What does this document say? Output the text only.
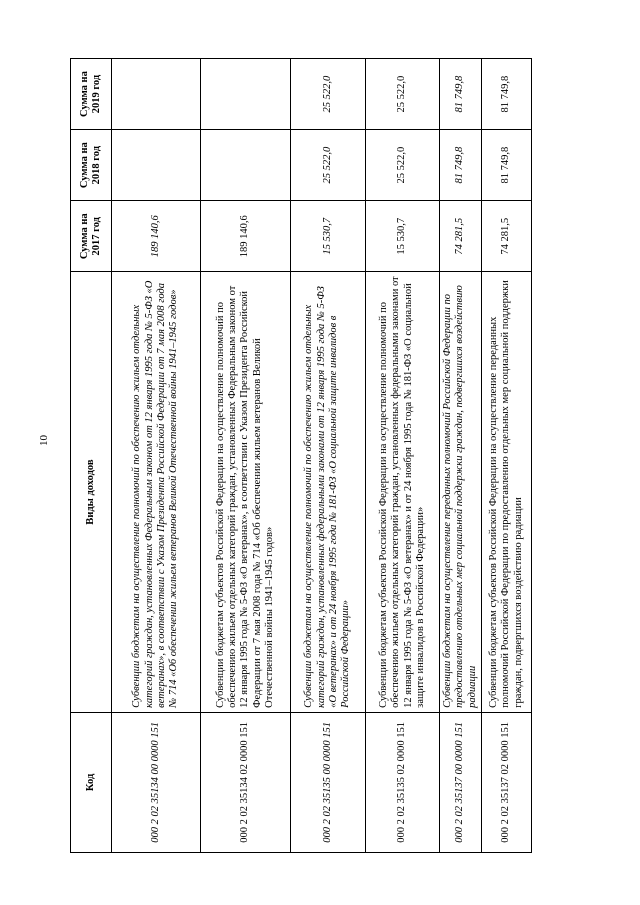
10
Код	Виды доходов	Сумма на 2017 год	Сумма на 2018 год	Сумма на 2019 год
000 2 02 35134 00 0000 151	Субвенции бюджетам на осуществление полномочий по обеспечению жильем отдельных категорий граждан, установленных Федеральным законом от 12 января 1995 года № 5-ФЗ «О ветеранах», в соответствии с Указом Президента Российской Федерации от 7 мая 2008 года № 714 «Об обеспечении жильем ветеранов Великой Отечественной войны 1941–1945 годов»	189 140,6		
000 2 02 35134 02 0000 151	Субвенции бюджетам субъектов Российской Федерации на осуществление полномочий по обеспечению жильем отдельных категорий граждан, установленных Федеральным законом от 12 января 1995 года № 5-ФЗ «О ветеранах», в соответствии с Указом Президента Российской Федерации от 7 мая 2008 года № 714 «Об обеспечении жильем ветеранов Великой Отечественной войны 1941–1945 годов»	189 140,6		
000 2 02 35135 00 0000 151	Субвенции бюджетам на осуществление полномочий по обеспечению жильем отдельных категорий граждан, установленных федеральными законами от 12 января 1995 года № 5-ФЗ «О ветеранах» и от 24 ноября 1995 года № 181-ФЗ «О социальной защите инвалидов в Российской Федерации»	15 530,7	25 522,0	25 522,0
000 2 02 35135 02 0000 151	Субвенции бюджетам субъектов Российской Федерации на осуществление полномочий по обеспечению жильем отдельных категорий граждан, установленных федеральными законами от 12 января 1995 года № 5-ФЗ «О ветеранах» и от 24 ноября 1995 года № 181-ФЗ «О социальной защите инвалидов в Российской Федерации»	15 530,7	25 522,0	25 522,0
000 2 02 35137 00 0000 151	Субвенции бюджетам на осуществление переданных полномочий Российской Федерации по предоставлению отдельных мер социальной поддержки граждан, подвергшихся воздействию радиации	74 281,5	81 749,8	81 749,8
000 2 02 35137 02 0000 151	Субвенции бюджетам субъектов Российской Федерации на осуществление переданных полномочий Российской Федерации по предоставлению отдельных мер социальной поддержки граждан, подвергшихся воздействию радиации	74 281,5	81 749,8	81 749,8
